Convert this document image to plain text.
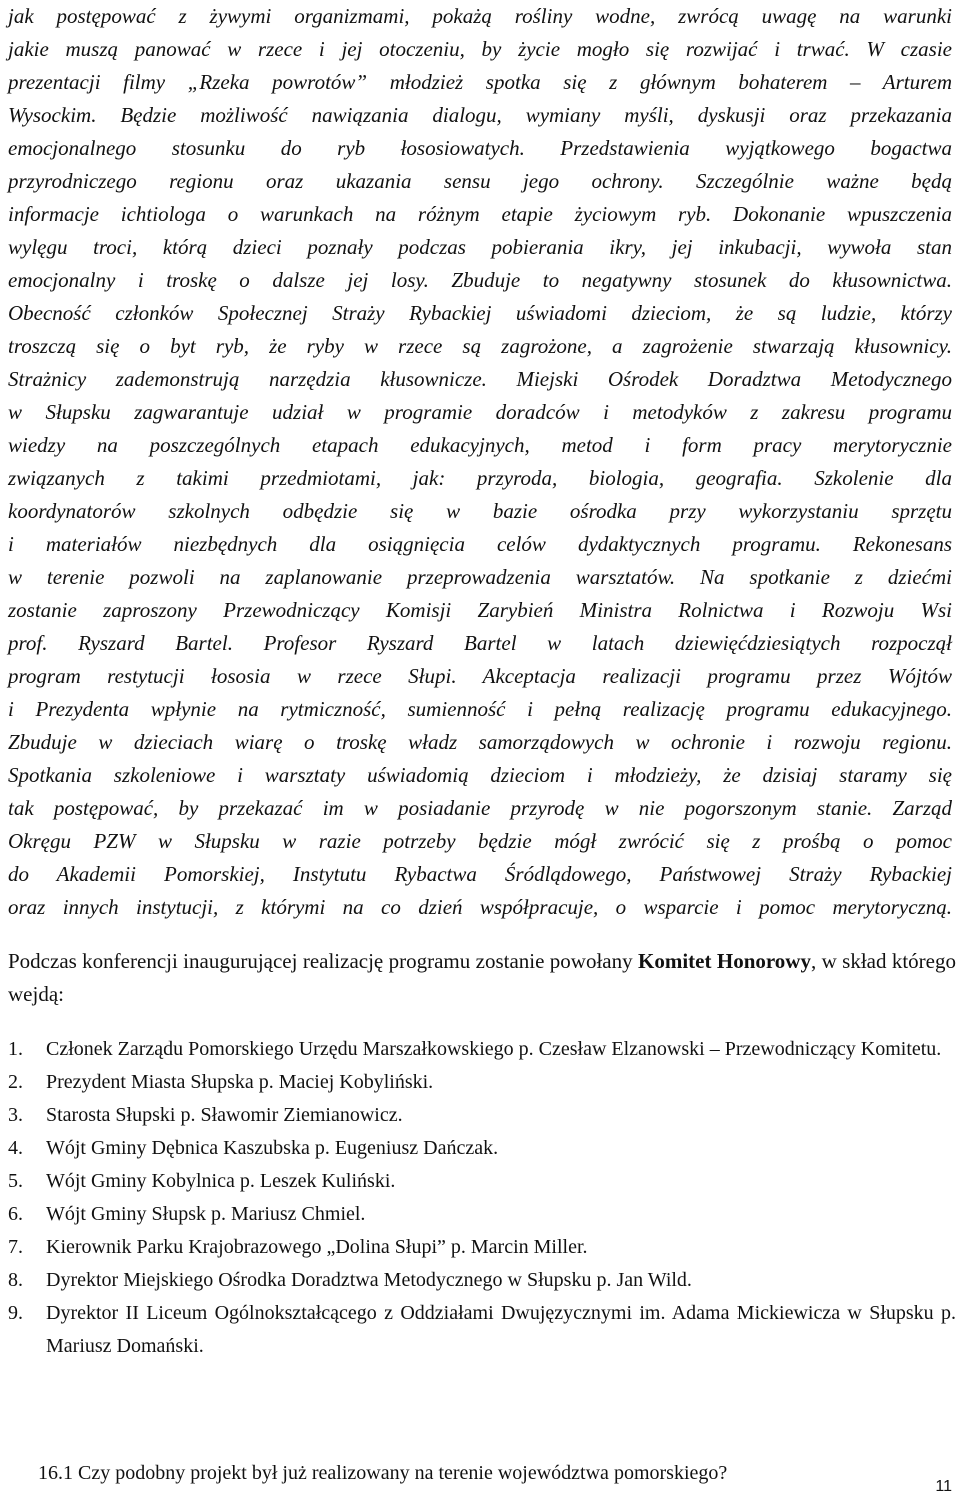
jak postępować z żywymi organizmami, pokażą rośliny wodne, zwrócą uwagę na warunki
jakie muszą panować w rzece i jej otoczeniu, by życie mogło się rozwijać i trwać. W czasie
prezentacji filmy „Rzeka powrotów” młodzież spotka się z głównym bohaterem – Arturem
Wysockim. Będzie możliwość nawiązania dialogu, wymiany myśli, dyskusji oraz przekazania
emocjonalnego stosunku do ryb łososiowatych. Przedstawienia wyjątkowego bogactwa
przyrodniczego regionu oraz ukazania sensu jego ochrony. Szczególnie ważne będą
informacje ichtiologa o warunkach na różnym etapie życiowym ryb. Dokonanie wpuszczenia
wylęgu troci, którą dzieci poznały podczas pobierania ikry, jej inkubacji, wywoła stan
emocjonalny i troskę o dalsze jej losy. Zbuduje to negatywny stosunek do kłusownictwa.
Obecność członków Społecznej Straży Rybackiej uświadomi dzieciom, że są ludzie, którzy
troszczą się o byt ryb, że ryby w rzece są zagrożone, a zagrożenie stwarzają kłusownicy.
Strażnicy zademonstrują narzędzia kłusownicze. Miejski Ośrodek Doradztwa Metodycznego
w Słupsku zagwarantuje udział w programie doradców i metodyków z zakresu programu
wiedzy na poszczególnych etapach edukacyjnych, metod i form pracy merytorycznie
związanych z takimi przedmiotami, jak: przyroda, biologia, geografia. Szkolenie dla
koordynatorów szkolnych odbędzie się w bazie ośrodka przy wykorzystaniu sprzętu
i materiałów niezbędnych dla osiągnięcia celów dydaktycznych programu. Rekonesans
w terenie pozwoli na zaplanowanie przeprowadzenia warsztatów. Na spotkanie z dziećmi
zostanie zaproszony Przewodniczący Komisji Zarybień Ministra Rolnictwa i Rozwoju Wsi
prof. Ryszard Bartel. Profesor Ryszard Bartel w latach dziewięćdziesiątych rozpoczął
program restytucji łososia w rzece Słupi. Akceptacja realizacji programu przez Wójtów
i Prezydenta wpłynie na rytmiczność, sumienność i pełną realizację programu edukacyjnego.
Zbuduje w dzieciach wiarę o troskę władz samorządowych w ochronie i rozwoju regionu.
Spotkania szkoleniowe i warsztaty uświadomią dzieciom i młodzieży, że dzisiaj staramy się
tak postępować, by przekazać im w posiadanie przyrodę w nie pogorszonym stanie. Zarząd
Okręgu PZW w Słupsku w razie potrzeby będzie mógł zwrócić się z prośbą o pomoc
do Akademii Pomorskiej, Instytutu Rybactwa Śródlądowego, Państwowej Straży Rybackiej
oraz innych instytucji, z którymi na co dzień współpracuje, o wsparcie i pomoc merytoryczną.

Podczas konferencji inaugurującej realizację programu zostanie powołany Komitet Honorowy, w skład którego wejdą:

1.	Członek Zarządu Pomorskiego Urzędu Marszałkowskiego p. Czesław Elzanowski – Przewodniczący Komitetu.
2.	Prezydent Miasta Słupska p. Maciej Kobyliński.
3.	Starosta Słupski p. Sławomir Ziemianowicz.
4.	Wójt Gminy Dębnica Kaszubska p. Eugeniusz Dańczak.
5.	Wójt Gminy Kobylnica p. Leszek Kuliński.
6.	Wójt Gminy Słupsk p. Mariusz Chmiel.
7.	Kierownik Parku Krajobrazowego „Dolina Słupi” p. Marcin Miller.
8.	Dyrektor Miejskiego Ośrodka Doradztwa Metodycznego w Słupsku p. Jan Wild.
9.	Dyrektor II Liceum Ogólnokształcącego z Oddziałami Dwujęzycznymi im. Adama Mickiewicza w Słupsku p. Mariusz Domański.

16.1 Czy podobny projekt był już realizowany na terenie województwa pomorskiego?

11
